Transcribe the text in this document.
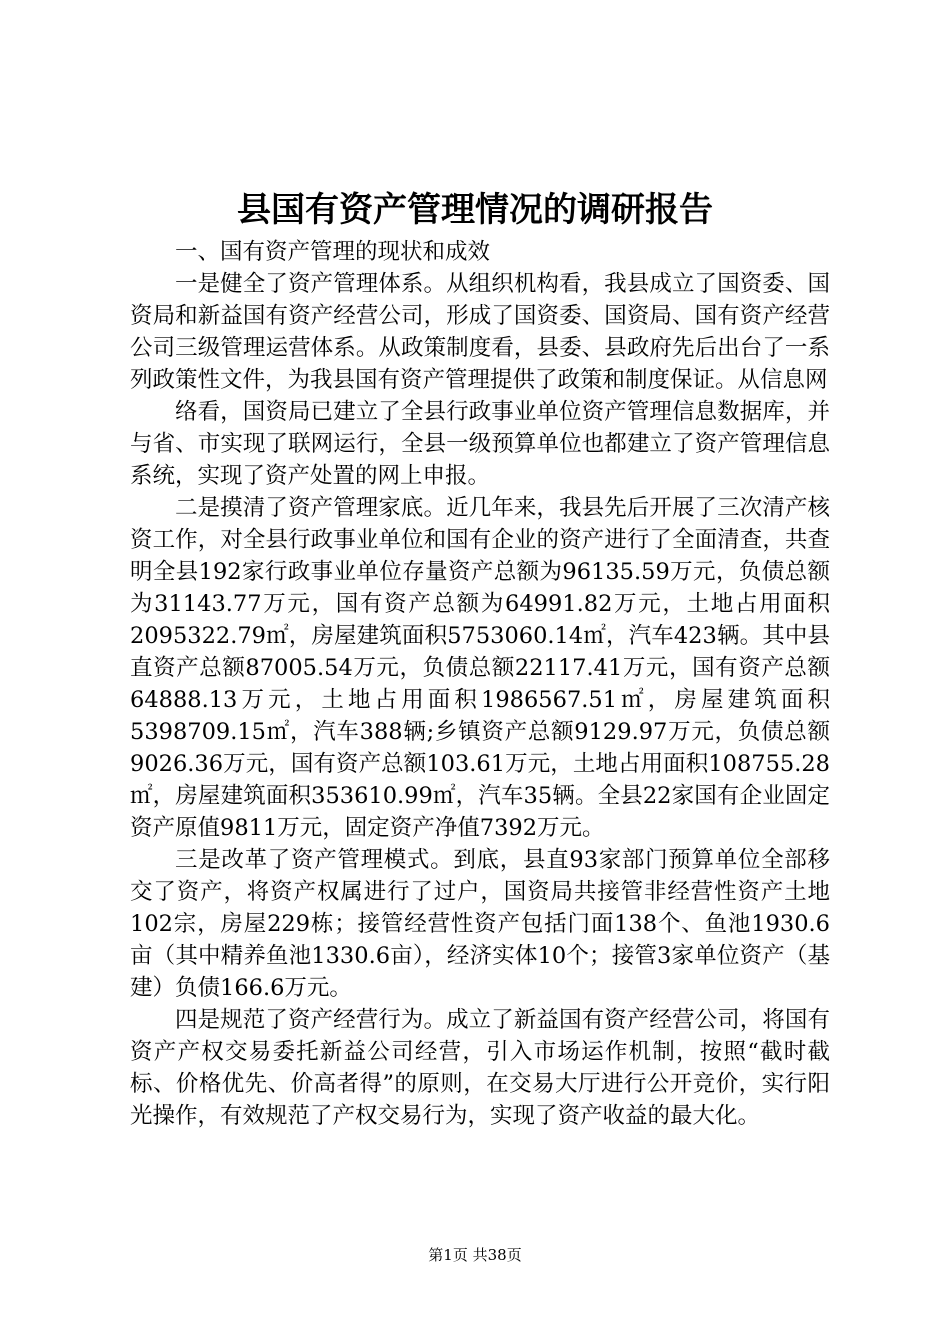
县国有资产管理情况的调研报告

一、国有资产管理的现状和成效

一是健全了资产管理体系。从组织机构看，我县成立了国资委、国资局和新益国有资产经营公司，形成了国资委、国资局、国有资产经营公司三级管理运营体系。从政策制度看，县委、县政府先后出台了一系列政策性文件，为我县国有资产管理提供了政策和制度保证。从信息网

络看，国资局已建立了全县行政事业单位资产管理信息数据库，并与省、市实现了联网运行，全县一级预算单位也都建立了资产管理信息系统，实现了资产处置的网上申报。

二是摸清了资产管理家底。近几年来，我县先后开展了三次清产核资工作，对全县行政事业单位和国有企业的资产进行了全面清查，共查明全县192家行政事业单位存量资产总额为96135.59万元，负债总额为31143.77万元，国有资产总额为64991.82万元，土地占用面积2095322.79㎡，房屋建筑面积5753060.14㎡，汽车423辆。其中县直资产总额87005.54万元，负债总额22117.41万元，国有资产总额64888.13万元，土地占用面积1986567.51㎡，房屋建筑面积5398709.15㎡，汽车388辆;乡镇资产总额9129.97万元，负债总额9026.36万元，国有资产总额103.61万元，土地占用面积108755.28㎡，房屋建筑面积353610.99㎡，汽车35辆。全县22家国有企业固定资产原值9811万元，固定资产净值7392万元。

三是改革了资产管理模式。到底，县直93家部门预算单位全部移交了资产，将资产权属进行了过户，国资局共接管非经营性资产土地102宗，房屋229栋；接管经营性资产包括门面138个、鱼池1930.6亩（其中精养鱼池1330.6亩），经济实体10个；接管3家单位资产（基建）负债166.6万元。

四是规范了资产经营行为。成立了新益国有资产经营公司，将国有资产产权交易委托新益公司经营，引入市场运作机制，按照“截时截标、价格优先、价高者得”的原则，在交易大厅进行公开竞价，实行阳光操作，有效规范了产权交易行为，实现了资产收益的最大化。

第1页 共38页
